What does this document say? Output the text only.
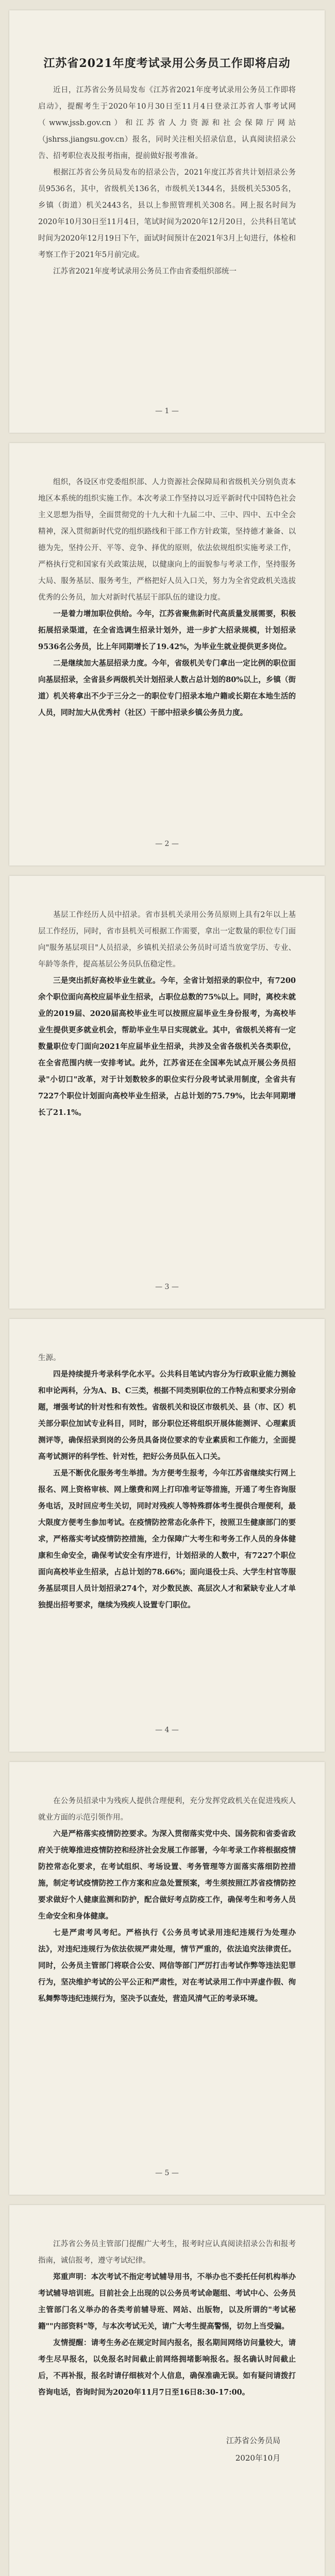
江苏省2021年度考试录用公务员工作即将启动

近日，江苏省公务员局发布《江苏省2021年度考试录用公务员工作即将启动》，提醒考生于2020年10月30日至11月4日登录江苏省人事考试网（www.jssb.gov.cn）和江苏省人力资源和社会保障厅网站（jshrss.jiangsu.gov.cn）报名，同时关注相关招录信息，认真阅读招录公告、招考职位表及报考指南，提前做好报考准备。

根据江苏省公务员局发布的招录公告，2021年度江苏省共计划招录公务员9536名，其中，省级机关136名，市级机关1344名，县级机关5305名，乡镇（街道）机关2443名，县以上参照管理机关308名。网上报名时间为2020年10月30日至11月4日，笔试时间为2020年12月20日，公共科目笔试时间为2020年12月19日下午，面试时间预计在2021年3月上旬进行，体检和考察工作于2021年5月前完成。

江苏省2021年度考试录用公务员工作由省委组织部统一

— 1 —

组织，各设区市党委组织部、人力资源社会保障局和省级机关分别负责本地区本系统的组织实施工作。本次考录工作坚持以习近平新时代中国特色社会主义思想为指导，全面贯彻党的十九大和十九届二中、三中、四中、五中全会精神，深入贯彻新时代党的组织路线和干部工作方针政策，坚持德才兼备、以德为先，坚持公开、平等、竞争、择优的原则，依法依规组织实施考录工作，严格执行党和国家有关政策法规，以健康向上的面貌参与考录工作，坚持服务大局、服务基层、服务考生，严格把好人员入口关，努力为全省党政机关选拔优秀的公务员，加大对新时代基层干部队伍的建设力度。

一是着力增加职位供给。今年，江苏省聚焦新时代高质量发展需要，积极拓展招录渠道，在全省选调生招录计划外，进一步扩大招录规模，计划招录9536名公务员，比上年同期增长了19.42%，为毕业生就业提供更多岗位。

二是继续加大基层招录力度。今年，省级机关专门拿出一定比例的职位面向基层招录，全省县乡两级机关计划招录人数占总计划的80%以上，乡镇（街道）机关将拿出不少于三分之一的职位专门招录本地户籍或长期在本地生活的人员，同时加大从优秀村（社区）干部中招录乡镇公务员力度。

— 2 —

基层工作经历人员中招录。省市县机关录用公务员原则上具有2年以上基层工作经历，同时，省市县机关可根据工作需要，拿出一定数量的职位专门面向"服务基层项目"人员招录，乡镇机关招录公务员时可适当放宽学历、专业、年龄等条件，提高基层公务员队伍稳定性。

三是突出抓好高校毕业生就业。今年，全省计划招录的职位中，有7200余个职位面向高校应届毕业生招录，占职位总数的75%以上。同时，离校未就业的2019届、2020届高校毕业生可以按照应届毕业生身份报考，为高校毕业生提供更多就业机会，帮助毕业生早日实现就业。其中，省级机关将有一定数量职位专门面向2021年应届毕业生招录，共涉及全省各级机关各类职位，在全省范围内统一安排考试。此外，江苏省还在全国率先试点开展公务员招录"小切口"改革，对于计划数较多的职位实行分段考试录用制度，全省共有7227个职位计划面向高校毕业生招录，占总计划的75.79%，比去年同期增长了21.1%。

— 3 —

生源。

四是持续提升考录科学化水平。公共科目笔试内容分为行政职业能力测验和申论两科，分为A、B、C三类，根据不同类别职位的工作特点和要求分别命题，增强考试的针对性和有效性。省级机关和设区市级机关、县（市、区）机关部分职位加试专业科目，同时，部分职位还将组织开展体能测评、心理素质测评等，确保招录到岗的公务员具备岗位要求的专业素质和工作能力，全面提高考试测评的科学性、针对性，把好公务员队伍入口关。

五是不断优化服务考生举措。为方便考生报考，今年江苏省继续实行网上报名、网上资格审核、网上缴费和网上打印准考证等措施，开通了考生咨询服务电话，及时回应考生关切，同时对残疾人等特殊群体考生提供合理便利，最大限度方便考生参加考试。在疫情防控常态化条件下，按照卫生健康部门的要求，严格落实考试疫情防控措施，全力保障广大考生和考务工作人员的身体健康和生命安全，确保考试安全有序进行，计划招录的人数中，有7227个职位面向高校毕业生招录，占总计划的78.66%；面向退役士兵、大学生村官等服务基层项目人员计划招录274个，对少数民族、高层次人才和紧缺专业人才单独提出招考要求，继续为残疾人设置专门职位。

— 4 —

在公务员招录中为残疾人提供合理便利，充分发挥党政机关在促进残疾人就业方面的示范引领作用。

六是严格落实疫情防控要求。为深入贯彻落实党中央、国务院和省委省政府关于统筹推进疫情防控和经济社会发展工作部署，今年考录工作将根据疫情防控常态化要求，在考试组织、考场设置、考务管理等方面落实落细防控措施，制定考试疫情防控工作方案和应急处置预案，考生须按照江苏省疫情防控要求做好个人健康监测和防护，配合做好考点防疫工作，确保考生和考务人员生命安全和身体健康。

七是严肃考风考纪。严格执行《公务员考试录用违纪违规行为处理办法》，对违纪违规行为依法依规严肃处理，情节严重的，依法追究法律责任。同时，公务员主管部门将联合公安、网信等部门严厉打击考试作弊等违法犯罪行为，坚决维护考试的公平公正和严肃性，对在考试录用工作中弄虚作假、徇私舞弊等违纪违规行为，坚决予以查处，营造风清气正的考录环境。

— 5 —

江苏省公务员主管部门提醒广大考生，报考时应认真阅读招录公告和报考指南，诚信报考，遵守考试纪律。

郑重声明：本次考试不指定考试辅导用书，不举办也不委托任何机构举办考试辅导培训班。目前社会上出现的以公务员考试命题组、考试中心、公务员主管部门名义举办的各类考前辅导班、网站、出版物，以及所谓的"考试秘籍""内部资料"等，与本次考试无关，请广大考生提高警惕，切勿上当受骗。

友情提醒：请考生务必在规定时间内报名，报名期间网络访问量较大，请考生尽早报名，以免报名时间截止前网络拥堵影响报名。报名确认时间截止后，不再补报，报名时请仔细核对个人信息，确保准确无误。如有疑问请拨打咨询电话，咨询时间为2020年11月7日至16日8:30-17:00。

江苏省公务员局
2020年10月
